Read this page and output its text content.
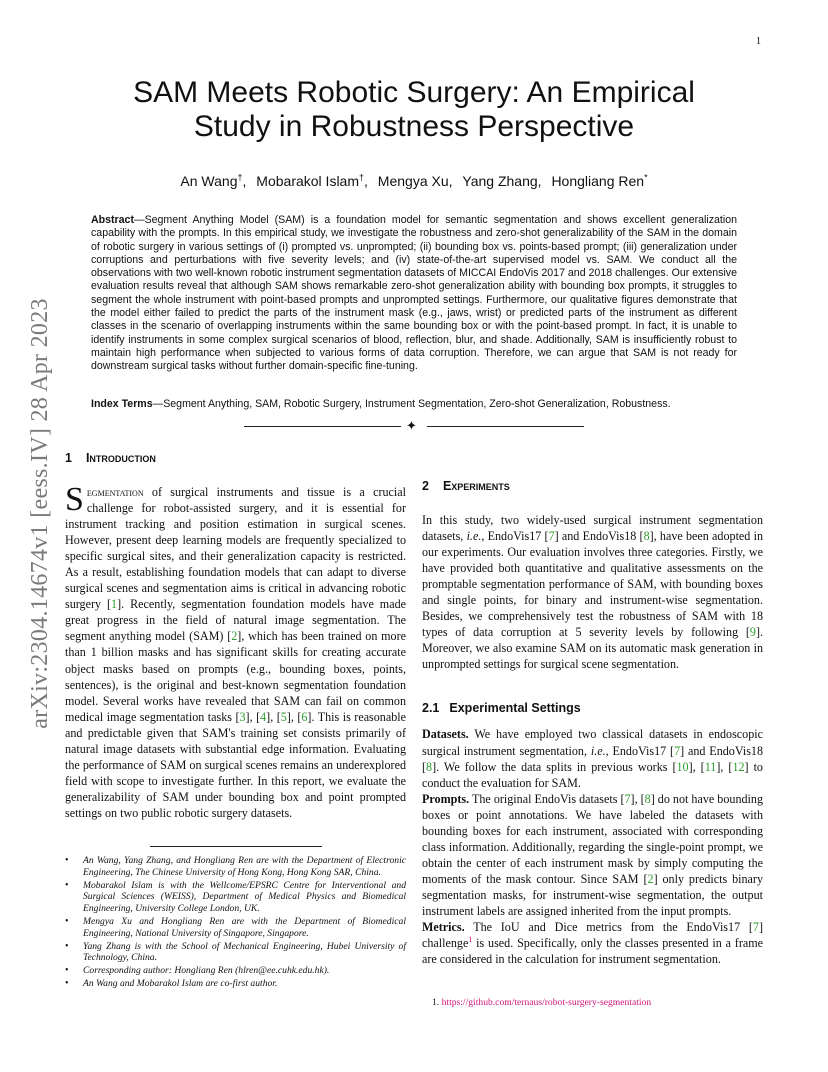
1
arXiv:2304.14674v1 [eess.IV] 28 Apr 2023
SAM Meets Robotic Surgery: An Empirical
Study in Robustness Perspective
An Wang†, Mobarakol Islam†, Mengya Xu, Yang Zhang, Hongliang Ren*

Abstract—Segment Anything Model (SAM) is a foundation model for semantic segmentation and shows excellent generalization capability with the prompts. In this empirical study, we investigate the robustness and zero-shot generalizability of the SAM in the domain of robotic surgery in various settings of (i) prompted vs. unprompted; (ii) bounding box vs. points-based prompt; (iii) generalization under corruptions and perturbations with five severity levels; and (iv) state-of-the-art supervised model vs. SAM. We conduct all the observations with two well-known robotic instrument segmentation datasets of MICCAI EndoVis 2017 and 2018 challenges. Our extensive evaluation results reveal that although SAM shows remarkable zero-shot generalization ability with bounding box prompts, it struggles to segment the whole instrument with point-based prompts and unprompted settings. Furthermore, our qualitative figures demonstrate that the model either failed to predict the parts of the instrument mask (e.g., jaws, wrist) or predicted parts of the instrument as different classes in the scenario of overlapping instruments within the same bounding box or with the point-based prompt. In fact, it is unable to identify instruments in some complex surgical scenarios of blood, reflection, blur, and shade. Additionally, SAM is insufficiently robust to maintain high performance when subjected to various forms of data corruption. Therefore, we can argue that SAM is not ready for downstream surgical tasks without further domain-specific fine-tuning.

Index Terms—Segment Anything, SAM, Robotic Surgery, Instrument Segmentation, Zero-shot Generalization, Robustness.

✦
1 Introduction

Segmentation of surgical instruments and tissue is a crucial challenge for robot-assisted surgery, and it is essential for instrument tracking and position estimation in surgical scenes. However, present deep learning models are frequently specialized to specific surgical sites, and their generalization capacity is restricted. As a result, establishing foundation models that can adapt to diverse surgical scenes and segmentation aims is critical in advancing robotic surgery [1]. Recently, segmentation foundation models have made great progress in the field of natural image segmentation. The segment anything model (SAM) [2], which has been trained on more than 1 billion masks and has significant skills for creating accurate object masks based on prompts (e.g., bounding boxes, points, sentences), is the original and best-known segmentation foundation model. Several works have revealed that SAM can fail on common medical image segmentation tasks [3], [4], [5], [6]. This is reasonable and predictable given that SAM's training set consists primarily of natural image datasets with substantial edge information. Evaluating the performance of SAM on surgical scenes remains an underexplored field with scope to investigate further. In this report, we evaluate the generalizability of SAM under bounding box and point prompted settings on two public robotic surgery datasets.

• An Wang, Yang Zhang, and Hongliang Ren are with the Department of Electronic Engineering, The Chinese University of Hong Kong, Hong Kong SAR, China.
• Mobarakol Islam is with the Wellcome/EPSRC Centre for Interventional and Surgical Sciences (WEISS), Department of Medical Physics and Biomedical Engineering, University College London, UK.
• Mengya Xu and Hongliang Ren are with the Department of Biomedical Engineering, National University of Singapore, Singapore.
• Yang Zhang is with the School of Mechanical Engineering, Hubei University of Technology, China.
• Corresponding author: Hongliang Ren (hlren@ee.cuhk.edu.hk).
• An Wang and Mobarakol Islam are co-first author.
2 Experiments

In this study, two widely-used surgical instrument segmentation datasets, i.e., EndoVis17 [7] and EndoVis18 [8], have been adopted in our experiments. Our evaluation involves three categories. Firstly, we have provided both quantitative and qualitative assessments on the promptable segmentation performance of SAM, with bounding boxes and single points, for binary and instrument-wise segmentation. Besides, we comprehensively test the robustness of SAM with 18 types of data corruption at 5 severity levels by following [9]. Moreover, we also examine SAM on its automatic mask generation in unprompted settings for surgical scene segmentation.

2.1 Experimental Settings

Datasets. We have employed two classical datasets in endoscopic surgical instrument segmentation, i.e., EndoVis17 [7] and EndoVis18 [8]. We follow the data splits in previous works [10], [11], [12] to conduct the evaluation for SAM.

Prompts. The original EndoVis datasets [7], [8] do not have bounding boxes or point annotations. We have labeled the datasets with bounding boxes for each instrument, associated with corresponding class information. Additionally, regarding the single-point prompt, we obtain the center of each instrument mask by simply computing the moments of the mask contour. Since SAM [2] only predicts binary segmentation masks, for instrument-wise segmentation, the output instrument labels are assigned inherited from the input prompts.

Metrics. The IoU and Dice metrics from the EndoVis17 [7] challenge$^1$ is used. Specifically, only the classes presented in a frame are considered in the calculation for instrument segmentation.

1. https://github.com/ternaus/robot-surgery-segmentation
